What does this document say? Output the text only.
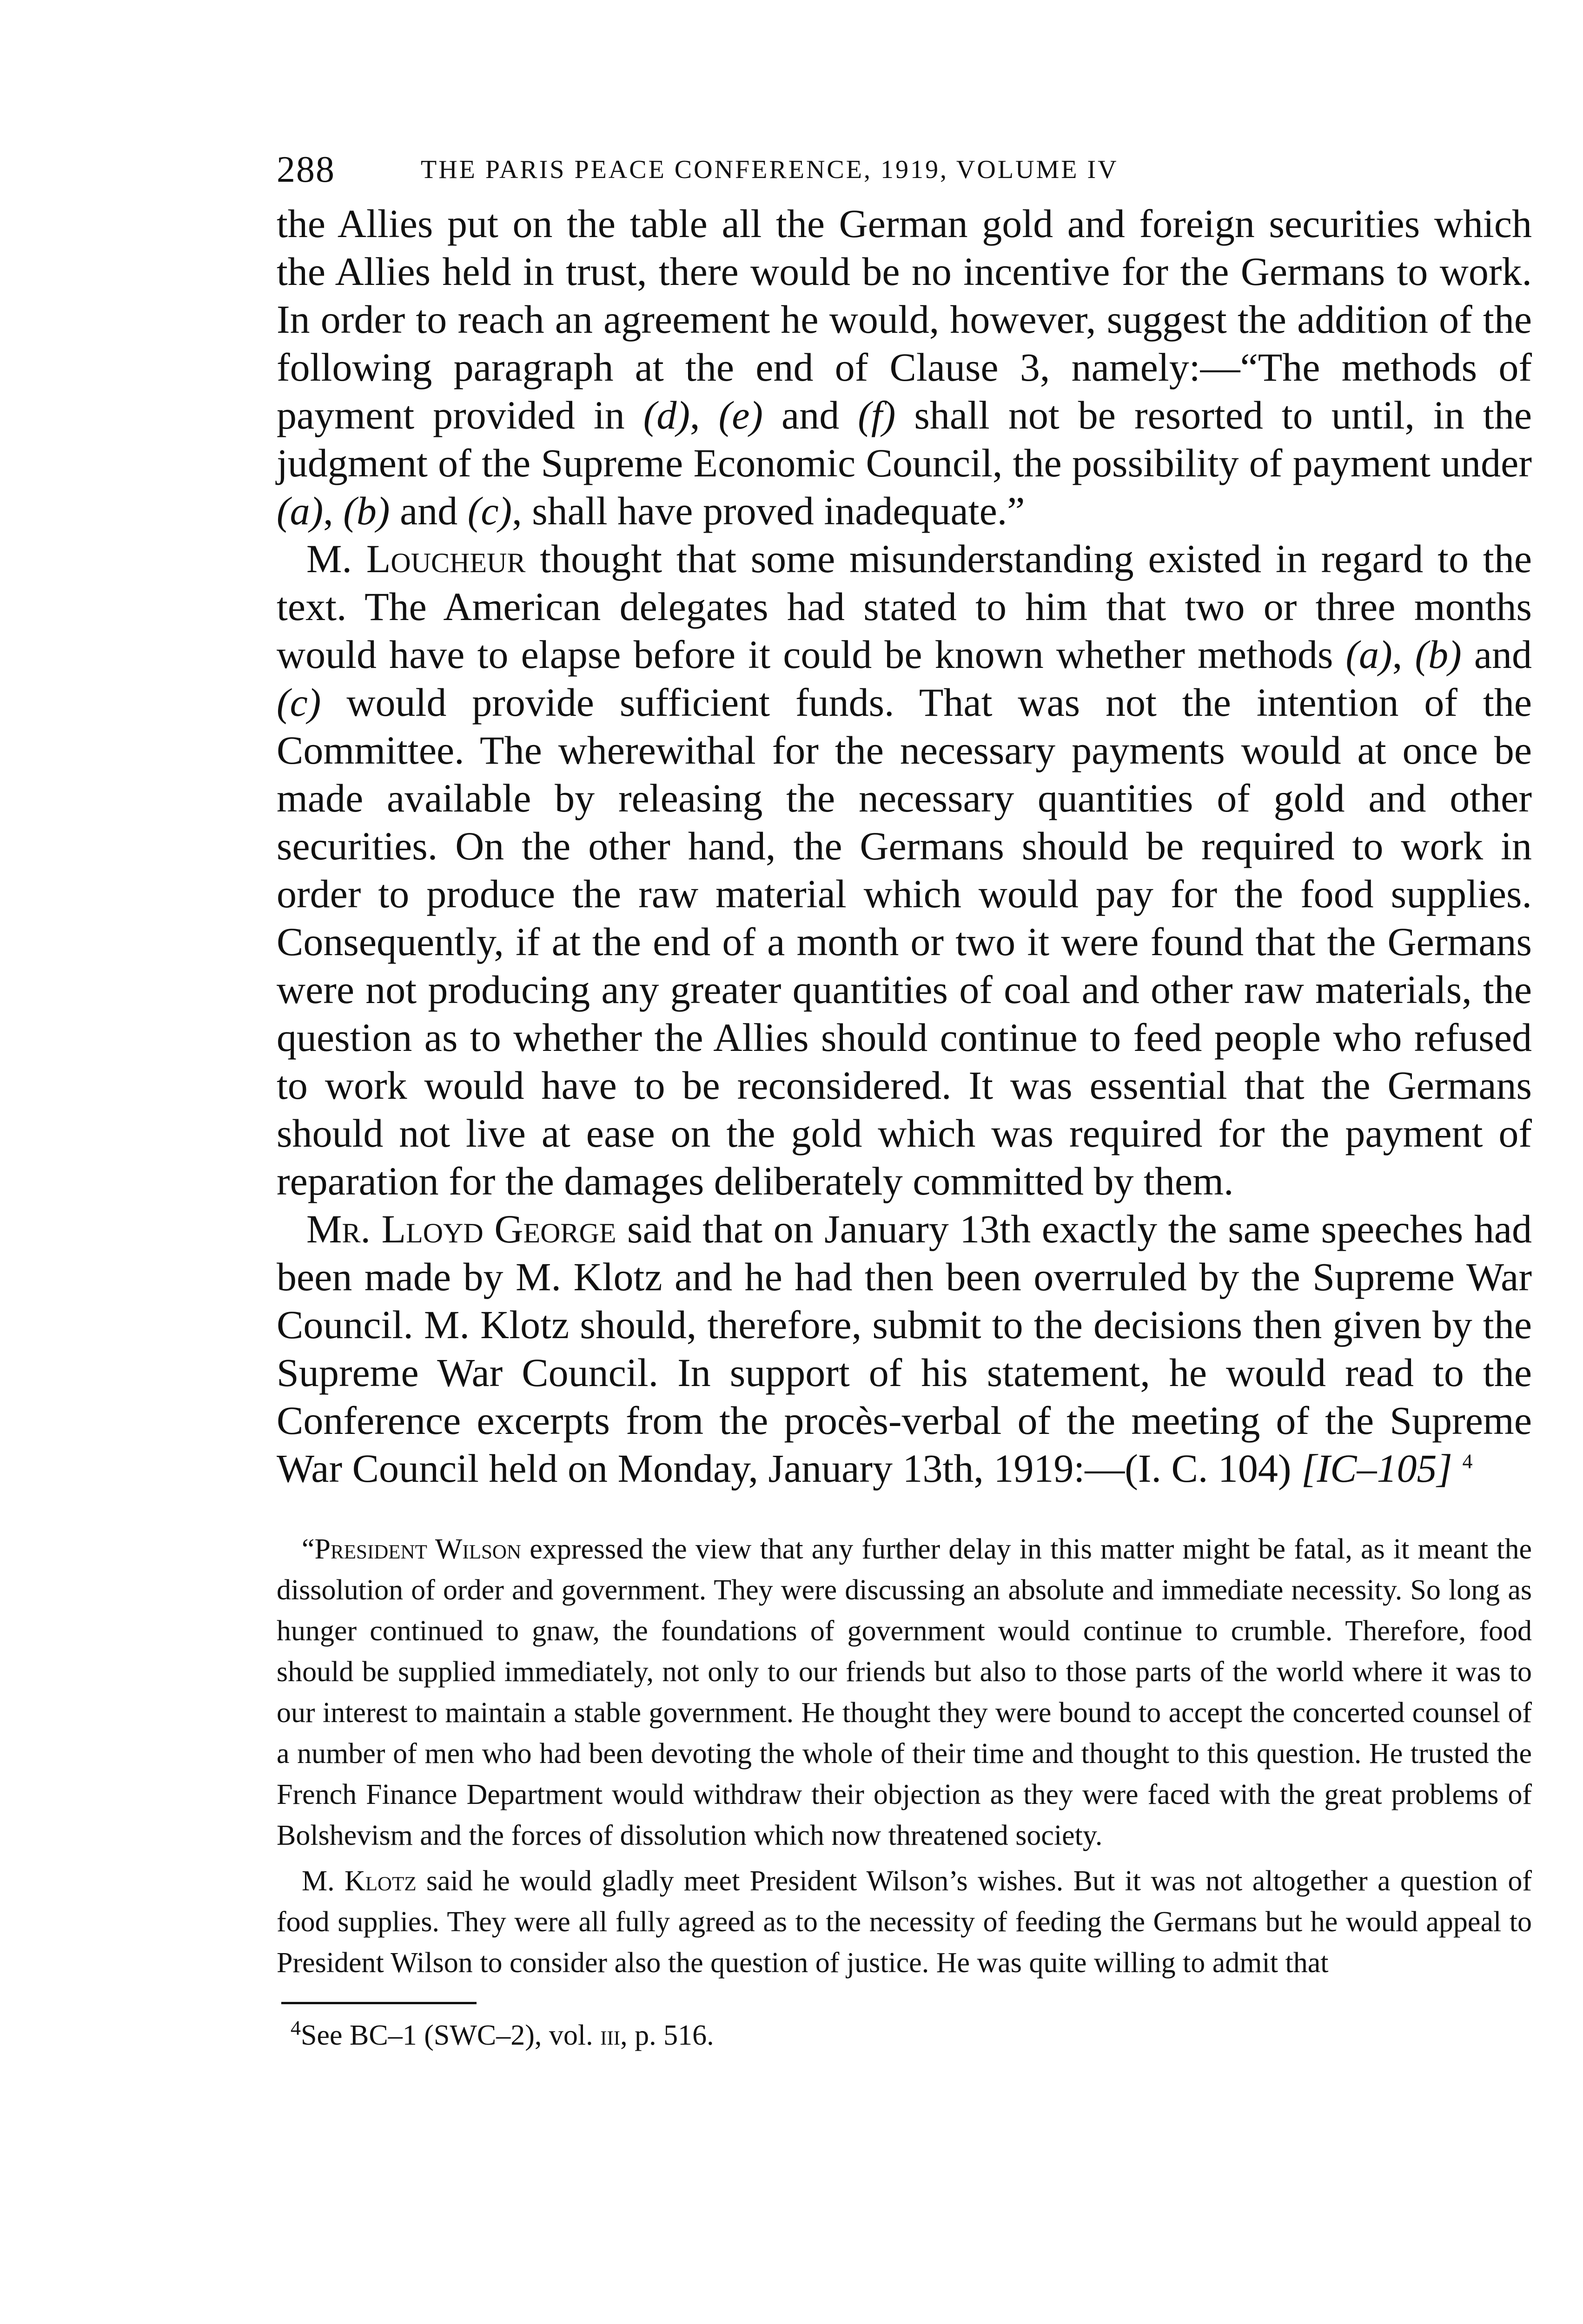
288	THE PARIS PEACE CONFERENCE, 1919, VOLUME IV

the Allies put on the table all the German gold and foreign securities which the Allies held in trust, there would be no incentive for the Germans to work. In order to reach an agreement he would, however, suggest the addition of the following paragraph at the end of Clause 3, namely:—“The methods of payment provided in (d), (e) and (f) shall not be resorted to until, in the judgment of the Supreme Economic Council, the possibility of payment under (a), (b) and (c), shall have proved inadequate.”

M. Loucheur thought that some misunderstanding existed in regard to the text. The American delegates had stated to him that two or three months would have to elapse before it could be known whether methods (a), (b) and (c) would provide sufficient funds. That was not the intention of the Committee. The wherewithal for the necessary payments would at once be made available by releasing the necessary quantities of gold and other securities. On the other hand, the Germans should be required to work in order to produce the raw material which would pay for the food supplies. Consequently, if at the end of a month or two it were found that the Germans were not producing any greater quantities of coal and other raw materials, the question as to whether the Allies should continue to feed people who refused to work would have to be reconsidered. It was essential that the Germans should not live at ease on the gold which was required for the payment of reparation for the damages deliberately committed by them.

Mr. Lloyd George said that on January 13th exactly the same speeches had been made by M. Klotz and he had then been overruled by the Supreme War Council. M. Klotz should, therefore, submit to the decisions then given by the Supreme War Council. In support of his statement, he would read to the Conference excerpts from the procès-verbal of the meeting of the Supreme War Council held on Monday, January 13th, 1919:—(I. C. 104) [IC–105] $^4$

“President Wilson expressed the view that any further delay in this matter might be fatal, as it meant the dissolution of order and government. They were discussing an absolute and immediate necessity. So long as hunger continued to gnaw, the foundations of government would continue to crumble. Therefore, food should be supplied immediately, not only to our friends but also to those parts of the world where it was to our interest to maintain a stable government. He thought they were bound to accept the concerted counsel of a number of men who had been devoting the whole of their time and thought to this question. He trusted the French Finance Department would withdraw their objection as they were faced with the great problems of Bolshevism and the forces of dissolution which now threatened society.

M. Klotz said he would gladly meet President Wilson’s wishes. But it was not altogether a question of food supplies. They were all fully agreed as to the necessity of feeding the Germans but he would appeal to President Wilson to consider also the question of justice. He was quite willing to admit that

$^4$See BC–1 (SWC–2), vol. iii, p. 516.
